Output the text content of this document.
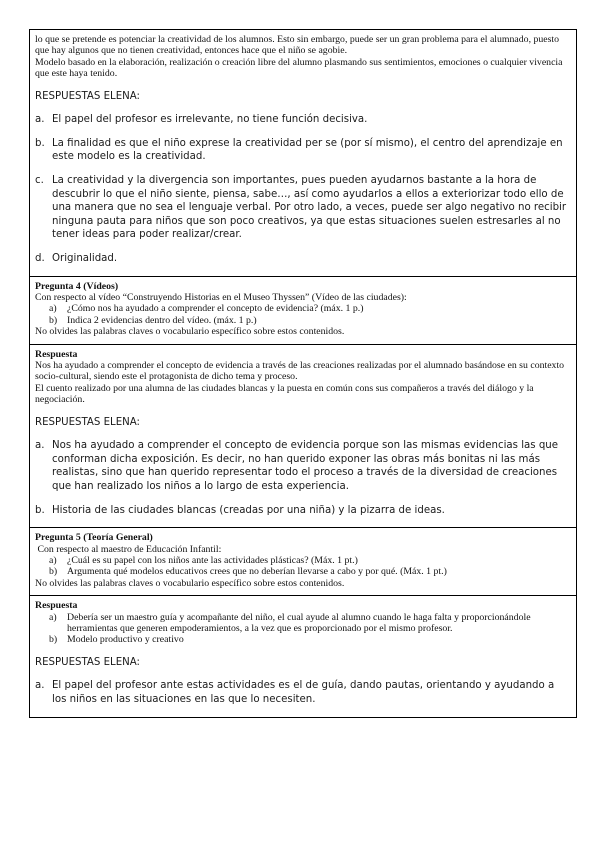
lo que se pretende es potenciar la creatividad de los alumnos. Esto sin embargo, puede ser un gran problema para el alumnado, puesto que hay algunos que no tienen creatividad, entonces hace que el niño se agobie.

Modelo basado en la elaboración, realización o creación libre del alumno plasmando sus sentimientos, emociones o cualquier vivencia que este haya tenido.

RESPUESTAS ELENA:

a. El papel del profesor es irrelevante, no tiene función decisiva.
b. La finalidad es que el niño exprese la creatividad per se (por sí mismo), el centro del aprendizaje en este modelo es la creatividad.
c. La creatividad y la divergencia son importantes, pues pueden ayudarnos bastante a la hora de descubrir lo que el niño siente, piensa, sabe…, así como ayudarlos a ellos a exteriorizar todo ello de una manera que no sea el lenguaje verbal. Por otro lado, a veces, puede ser algo negativo no recibir ninguna pauta para niños que son poco creativos, ya que estas situaciones suelen estresarles al no tener ideas para poder realizar/crear.
d. Originalidad.

Pregunta 4 (Vídeos)

Con respecto al vídeo “Construyendo Historias en el Museo Thyssen” (Vídeo de las ciudades):

a)	¿Cómo nos ha ayudado a comprender el concepto de evidencia? (máx. 1 p.)
b)	Indica 2 evidencias dentro del vídeo. (máx. 1 p.)

No olvides las palabras claves o vocabulario específico sobre estos contenidos.

Respuesta

Nos ha ayudado a comprender el concepto de evidencia a través de las creaciones realizadas por el alumnado basándose en su contexto socio-cultural, siendo este el protagonista de dicho tema y proceso.

El cuento realizado por una alumna de las ciudades blancas y la puesta en común cons sus compañeros a través del diálogo y la negociación.

RESPUESTAS ELENA:

a. Nos ha ayudado a comprender el concepto de evidencia porque son las mismas evidencias las que conforman dicha exposición. Es decir, no han querido exponer las obras más bonitas ni las más realistas, sino que han querido representar todo el proceso a través de la diversidad de creaciones que han realizado los niños a lo largo de esta experiencia.
b. Historia de las ciudades blancas (creadas por una niña) y la pizarra de ideas.

Pregunta 5 (Teoría General)

Con respecto al maestro de Educación Infantil:

a)	¿Cuál es su papel con los niños ante las actividades plásticas? (Máx. 1 pt.)
b)	Argumenta qué modelos educativos crees que no deberían llevarse a cabo y por qué. (Máx. 1 pt.)

No olvides las palabras claves o vocabulario específico sobre estos contenidos.

Respuesta

a)	Debería ser un maestro guía y acompañante del niño, el cual ayude al alumno cuando le haga falta y proporcionándole herramientas que generen empoderamientos, a la vez que es proporcionado por el mismo profesor.
b)	Modelo productivo y creativo

RESPUESTAS ELENA:

a. El papel del profesor ante estas actividades es el de guía, dando pautas, orientando y ayudando a los niños en las situaciones en las que lo necesiten.
